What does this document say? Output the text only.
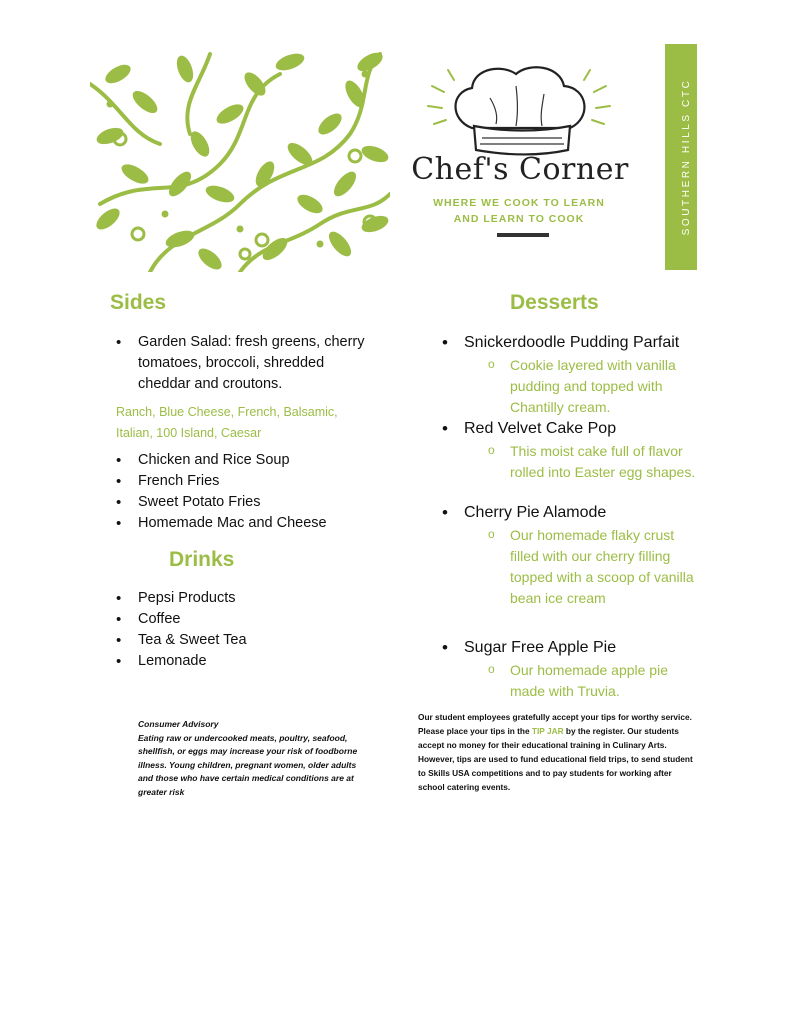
Chef's Corner
WHERE WE COOK TO LEARN
AND LEARN TO COOK	SOUTHERN HILLS CTC
Sides
• Garden Salad: fresh greens, cherry tomatoes, broccoli, shredded cheddar and croutons.
Ranch, Blue Cheese, French, Balsamic, Italian, 100 Island, Caesar
• Chicken and Rice Soup
• French Fries
• Sweet Potato Fries
• Homemade Mac and Cheese
Drinks
• Pepsi Products
• Coffee
• Tea & Sweet Tea
• Lemonade
Desserts
• Snickerdoodle Pudding Parfait
o Cookie layered with vanilla pudding and topped with Chantilly cream.
• Red Velvet Cake Pop
o This moist cake full of flavor rolled into Easter egg shapes.
• Cherry Pie Alamode
o Our homemade flaky crust filled with our cherry filling topped with a scoop of vanilla bean ice cream
• Sugar Free Apple Pie
o Our homemade apple pie made with Truvia.
Consumer Advisory
Eating raw or undercooked meats, poultry, seafood, shellfish, or eggs may increase your risk of foodborne illness. Young children, pregnant women, older adults and those who have certain medical conditions are at greater risk
Our student employees gratefully accept your tips for worthy service. Please place your tips in the TIP JAR by the register. Our students accept no money for their educational training in Culinary Arts. However, tips are used to fund educational field trips, to send student to Skills USA competitions and to pay students for working after school catering events.
